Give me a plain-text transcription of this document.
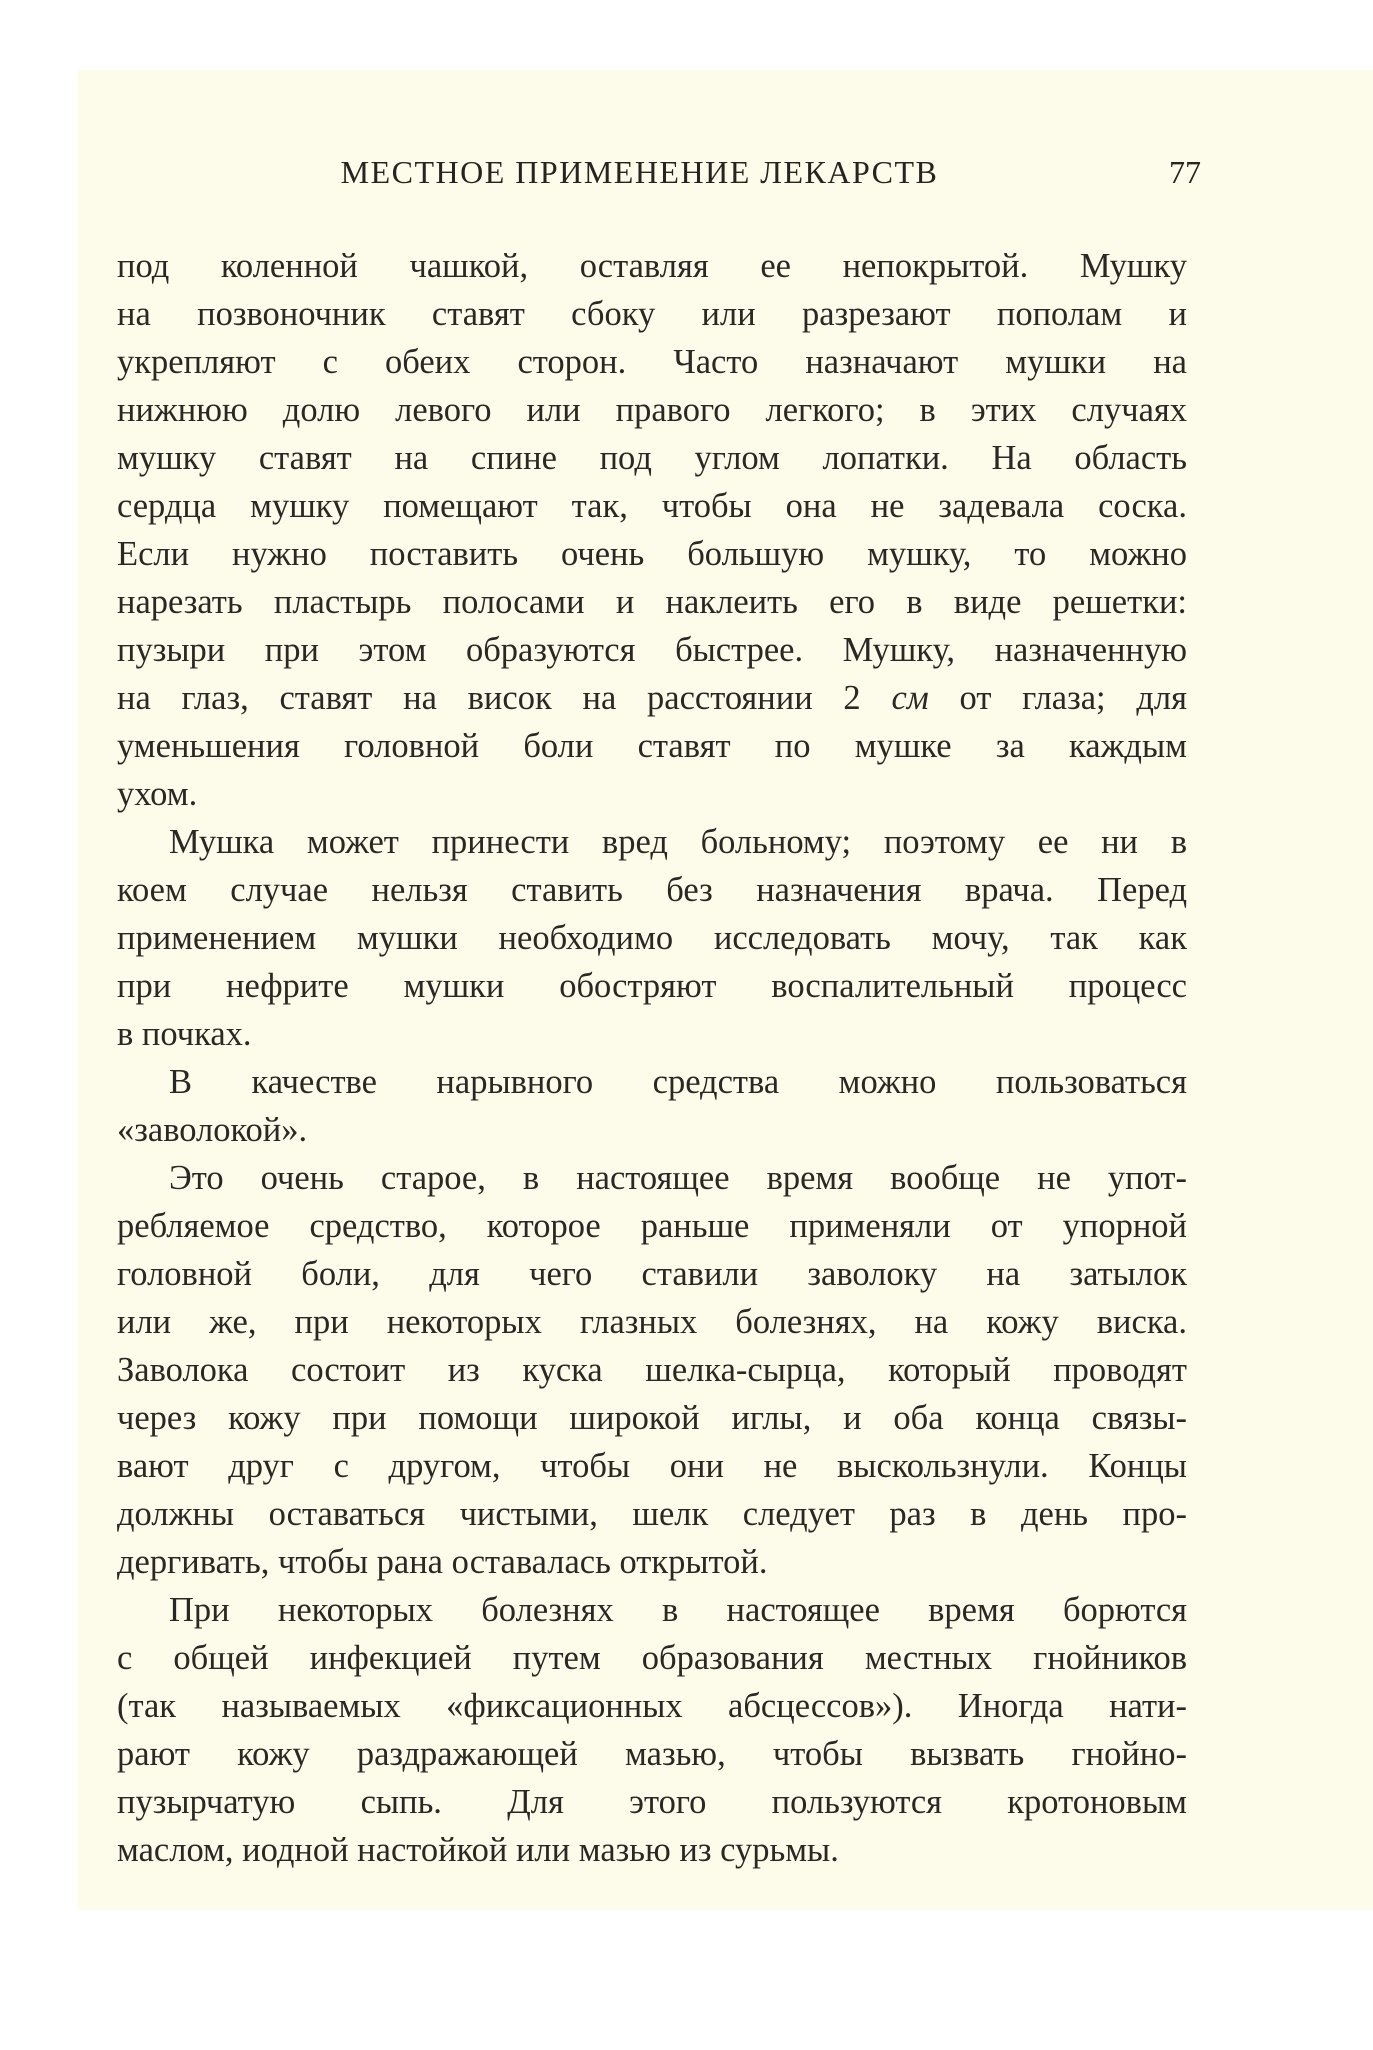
МЕСТНОЕ ПРИМЕНЕНИЕ ЛЕКАРСТВ	77
под коленной чашкой, оставляя ее непокрытой. Мушку
на позвоночник ставят сбоку или разрезают пополам и
укрепляют с обеих сторон. Часто назначают мушки на
нижнюю долю левого или правого легкого; в этих случаях
мушку ставят на спине под углом лопатки. На область
сердца мушку помещают так, чтобы она не задевала соска.
Если нужно поставить очень большую мушку, то можно
нарезать пластырь полосами и наклеить его в виде решетки:
пузыри при этом образуются быстрее. Мушку, назначенную
на глаз, ставят на висок на расстоянии 2 см от глаза; для
уменьшения головной боли ставят по мушке за каждым
ухом.
Мушка может принести вред больному; поэтому ее ни в
коем случае нельзя ставить без назначения врача. Перед
применением мушки необходимо исследовать мочу, так как
при нефрите мушки обостряют воспалительный процесс
в почках.
В качестве нарывного средства можно пользоваться
«заволокой».
Это очень старое, в настоящее время вообще не упот-
ребляемое средство, которое раньше применяли от упорной
головной боли, для чего ставили заволоку на затылок
или же, при некоторых глазных болезнях, на кожу виска.
Заволока состоит из куска шелка-сырца, который проводят
через кожу при помощи широкой иглы, и оба конца связы-
вают друг с другом, чтобы они не выскользнули. Концы
должны оставаться чистыми, шелк следует раз в день про-
дергивать, чтобы рана оставалась открытой.
При некоторых болезнях в настоящее время борются
с общей инфекцией путем образования местных гнойников
(так называемых «фиксационных абсцессов»). Иногда нати-
рают кожу раздражающей мазью, чтобы вызвать гнойно-
пузырчатую сыпь. Для этого пользуются кротоновым
маслом, иодной настойкой или мазью из сурьмы.
